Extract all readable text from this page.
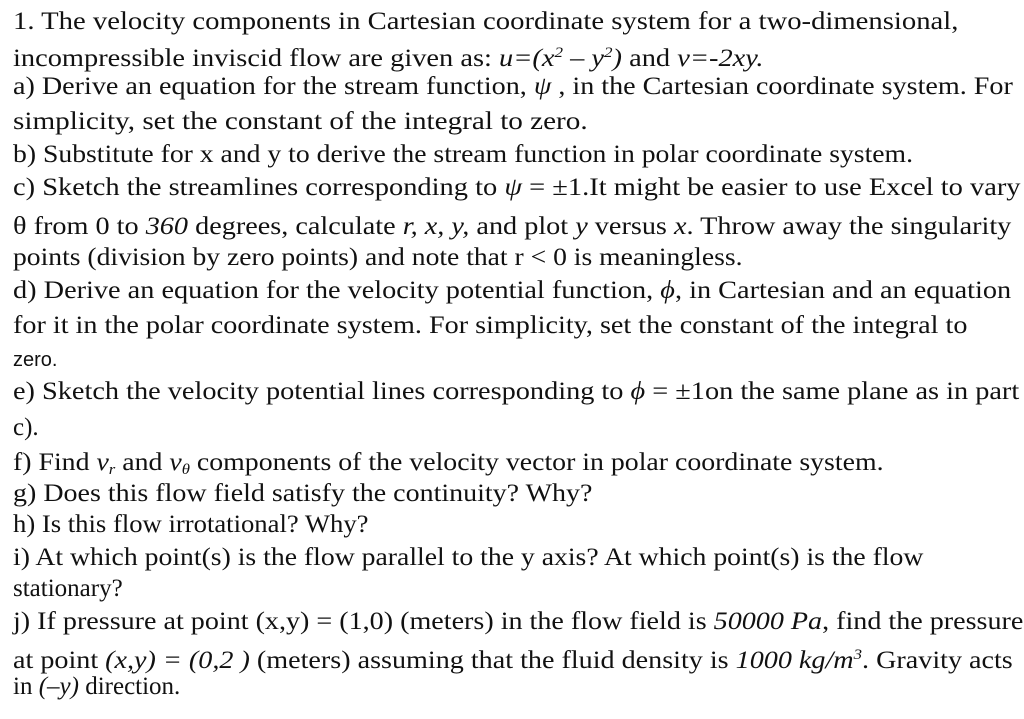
1. The velocity components in Cartesian coordinate system for a two-dimensional,
incompressible inviscid flow are given as: $u=(x^2 - y^2)$ and v=-2xy.
a) Derive an equation for the stream function, ψ , in the Cartesian coordinate system. For
simplicity, set the constant of the integral to zero.
b) Substitute for x and y to derive the stream function in polar coordinate system.
c) Sketch the streamlines corresponding to ψ = ±1.It might be easier to use Excel to vary
θ from 0 to 360 degrees, calculate r, x, y, and plot y versus x. Throw away the singularity
points (division by zero points) and note that r < 0 is meaningless.
d) Derive an equation for the velocity potential function, ϕ, in Cartesian and an equation
for it in the polar coordinate system. For simplicity, set the constant of the integral to
zero.
e) Sketch the velocity potential lines corresponding to ϕ = ±1on the same plane as in part
c).
f) Find $v_r$ and $v_\theta$ components of the velocity vector in polar coordinate system.
g) Does this flow field satisfy the continuity? Why?
h) Is this flow irrotational? Why?
i) At which point(s) is the flow parallel to the y axis? At which point(s) is the flow
stationary?
j) If pressure at point (x,y) = (1,0) (meters) in the flow field is 50000 Pa, find the pressure
at point (x,y) = (0,2 ) (meters) assuming that the fluid density is 1000 $kg/m^3$. Gravity acts
in (–y) direction.
